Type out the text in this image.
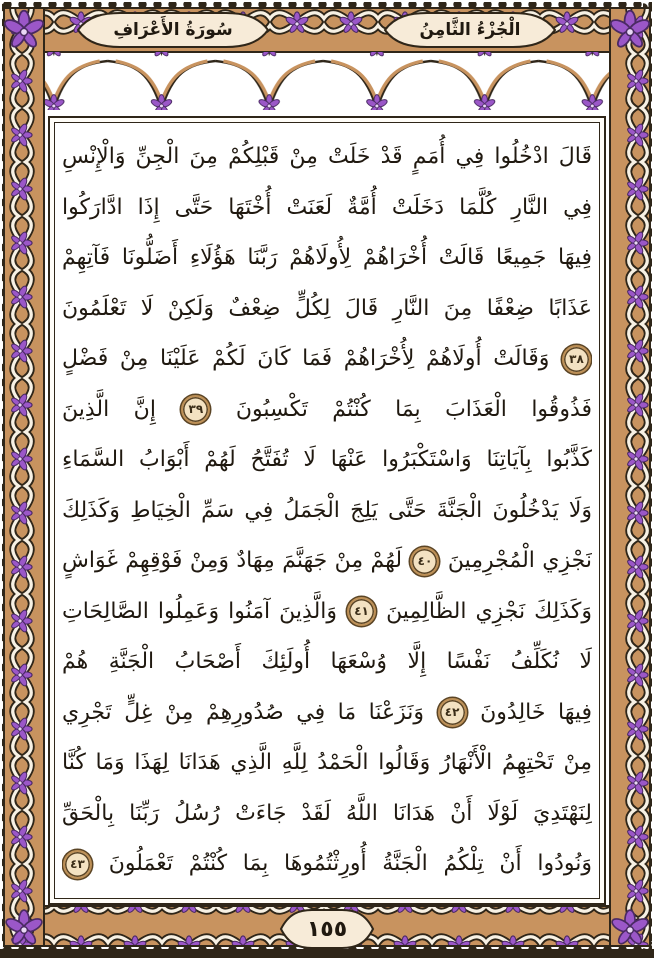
سُورَةُ الأَعْرَافِ	الْجُزْءُ الثَّامِنُ
قَالَ ادْخُلُوا فِي أُمَمٍ قَدْ خَلَتْ مِنْ قَبْلِكُمْ مِنَ الْجِنِّ وَالْإِنْسِ
فِي النَّارِ كُلَّمَا دَخَلَتْ أُمَّةٌ لَعَنَتْ أُخْتَهَا حَتَّى إِذَا ادَّارَكُوا
فِيهَا جَمِيعًا قَالَتْ أُخْرَاهُمْ لِأُولَاهُمْ رَبَّنَا هَؤُلَاءِ أَضَلُّونَا فَآتِهِمْ
عَذَابًا ضِعْفًا مِنَ النَّارِ قَالَ لِكُلٍّ ضِعْفٌ وَلَكِنْ لَا تَعْلَمُونَ
٣٨ وَقَالَتْ أُولَاهُمْ لِأُخْرَاهُمْ فَمَا كَانَ لَكُمْ عَلَيْنَا مِنْ فَضْلٍ
فَذُوقُوا الْعَذَابَ بِمَا كُنْتُمْ تَكْسِبُونَ ٣٩ إِنَّ الَّذِينَ
كَذَّبُوا بِآيَاتِنَا وَاسْتَكْبَرُوا عَنْهَا لَا تُفَتَّحُ لَهُمْ أَبْوَابُ السَّمَاءِ
وَلَا يَدْخُلُونَ الْجَنَّةَ حَتَّى يَلِجَ الْجَمَلُ فِي سَمِّ الْخِيَاطِ وَكَذَلِكَ
نَجْزِي الْمُجْرِمِينَ ٤٠ لَهُمْ مِنْ جَهَنَّمَ مِهَادٌ وَمِنْ فَوْقِهِمْ غَوَاشٍ
وَكَذَلِكَ نَجْزِي الظَّالِمِينَ ٤١ وَالَّذِينَ آمَنُوا وَعَمِلُوا الصَّالِحَاتِ
لَا نُكَلِّفُ نَفْسًا إِلَّا وُسْعَهَا أُولَئِكَ أَصْحَابُ الْجَنَّةِ هُمْ
فِيهَا خَالِدُونَ ٤٢ وَنَزَعْنَا مَا فِي صُدُورِهِمْ مِنْ غِلٍّ تَجْرِي
مِنْ تَحْتِهِمُ الْأَنْهَارُ وَقَالُوا الْحَمْدُ لِلَّهِ الَّذِي هَدَانَا لِهَذَا وَمَا كُنَّا
لِنَهْتَدِيَ لَوْلَا أَنْ هَدَانَا اللَّهُ لَقَدْ جَاءَتْ رُسُلُ رَبِّنَا بِالْحَقِّ
وَنُودُوا أَنْ تِلْكُمُ الْجَنَّةُ أُورِثْتُمُوهَا بِمَا كُنْتُمْ تَعْمَلُونَ ٤٣
١٥٥
